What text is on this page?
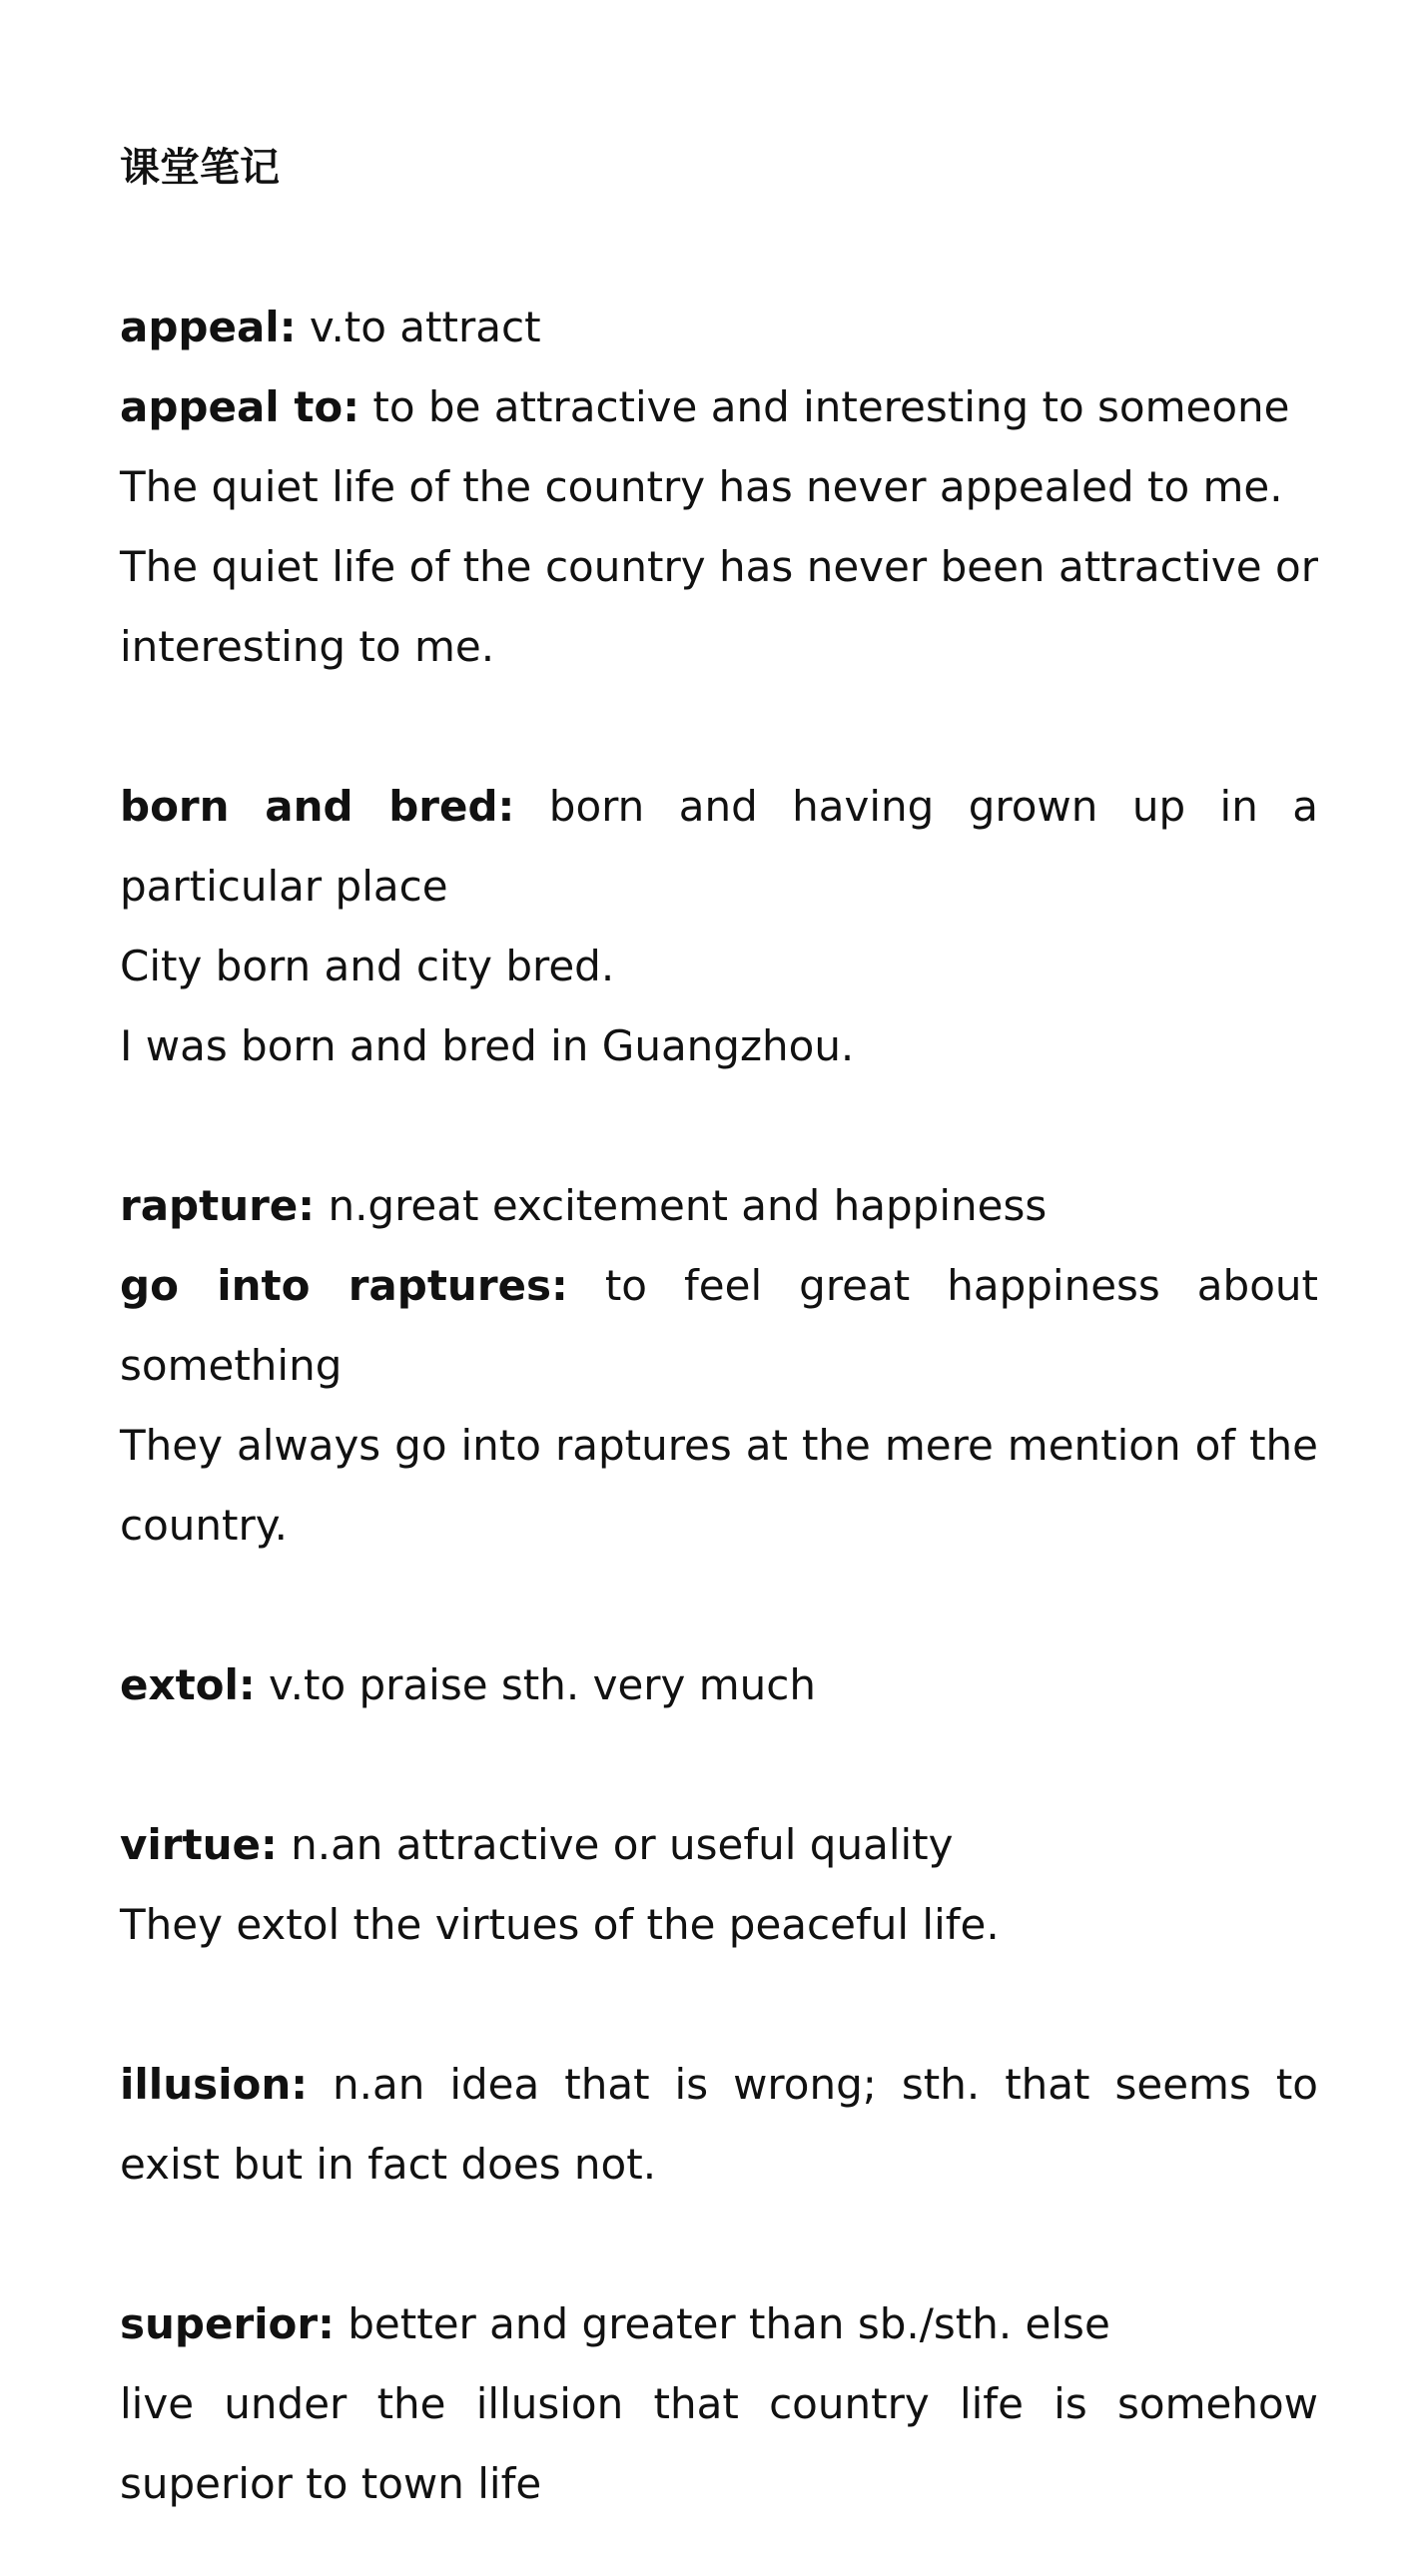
课堂笔记

appeal: v.to attract

appeal to: to be attractive and interesting to someone

The quiet life of the country has never appealed to me.

The quiet life of the country has never been attractive or interesting to me.

born and bred: born and having grown up in a particular place

City born and city bred.

I was born and bred in Guangzhou.

rapture: n.great excitement and happiness

go into raptures: to feel great happiness about something

They always go into raptures at the mere mention of the country.

extol: v.to praise sth. very much

virtue: n.an attractive or useful quality

They extol the virtues of the peaceful life.

illusion: n.an idea that is wrong; sth. that seems to exist but in fact does not.

superior: better and greater than sb./sth. else

live under the illusion that country life is somehow superior to town life
